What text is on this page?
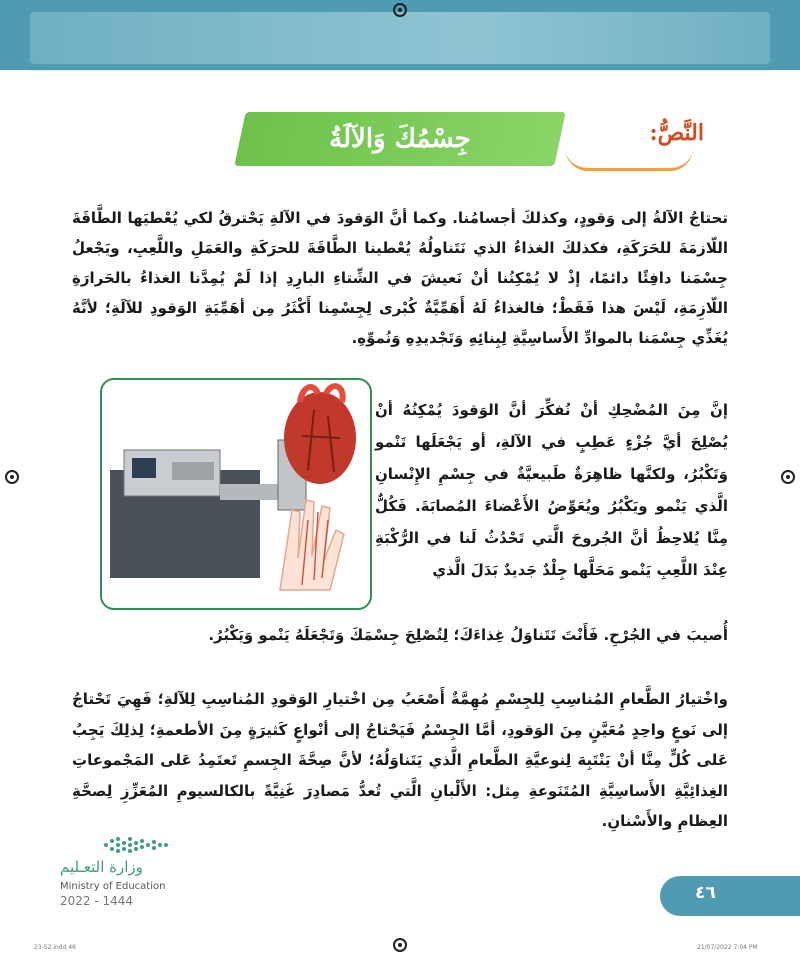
جِسْمُكَ وَالآلَةُ	النَّصُّ:
تحتاجُ الآلةُ إلى وَقودٍ، وكذلكَ أجسامُنا. وكما أنَّ الوَقودَ في الآلةِ يَحْترقُ لكي يُعْطيَها الطَّاقَةَ اللّازمَةَ للحَرَكَةِ، فكذلكَ الغذاءُ الذي نَتَناولُهُ يُعْطينا الطَّاقَةَ للحرَكَةِ والعَمَلِ واللَّعِبِ، ويَجْعلُ جِسْمَنا دافِئًا دائمًا، إذْ لا يُمْكِنُنا أنْ نَعيشَ في الشِّتاءِ البارِدِ إذا لَمْ يُمِدَّنا الغذاءُ بالحَرارَةِ اللّازِمَةِ، لَيْسَ هذا فَقَطْ؛ فالغذاءُ لَهُ أَهَمِّيَّةٌ كُبْرى لِجِسْمِنا أَكْثَرُ مِن أهَمِّيَةِ الوَقودِ للآلَةِ؛ لأنَّهُ يُغَذِّي جِسْمَنا بالموادِّ الأَساسِيَّةِ لِبِنائِهِ وَتَجْديدِهِ وَنُموِّهِ.
إنَّ مِنَ المُضْحِكِ أنْ نُفكِّرَ أنَّ الوَقودَ يُمْكِنُهُ أنْ يُصْلِحَ أيَّ جُزْءٍ عَطِبٍ في الآلةِ، أو يَجْعَلَها تَنْمو وَتَكْبُرُ، ولكنَّها ظاهِرَةٌ طَبيعيَّةٌ في جِسْمِ الإِنْسانِ الَّذي يَنْمو ويَكْبُرُ ويُعَوِّضُ الأَعْضاءَ المُصابَةَ. فَكُلٌّ مِنَّا يُلاحِظُ أنَّ الجُروحَ الَّتي تَحْدُثُ لَنا في الرُّكْبَةِ عِنْدَ اللَّعِبِ يَنْمو مَحَلَّها جِلْدٌ جَديدٌ بَدَلَ الَّذي
أُصيبَ في الجُرْحِ. فَأَنْتَ تَتَناوَلُ غِذاءَكَ؛ لِتُصْلِحَ جِسْمَكَ وَتَجْعَلَهُ يَنْمو وَيَكْبُرُ.
واخْتيارُ الطَّعامِ المُناسِبِ لِلجِسْمِ مُهِمَّةٌ أَصْعَبُ مِن اخْتيارِ الوَقودِ المُناسِبِ لِلآلةِ؛ فَهِيَ تَحْتاجُ إلى نَوعٍ واحِدٍ مُعَيَّنٍ مِنَ الوَقودِ، أمَّا الجِسْمُ فَيَحْتاجُ إلى أنْواعٍ كَثيرَةٍ مِنَ الأطعمةِ؛ لِذلِكَ يَجِبُ عَلى كُلٍّ مِنَّا أنْ يَنْتَبِهَ لِنوعيَّةِ الطَّعامِ الَّذي يَتَناوَلُهُ؛ لأنَّ صِحَّةَ الجِسمِ تَعتَمِدُ عَلى المَجْموعاتِ الغِذائِيَّةِ الأَساسِيَّةِ المُتَنَوعةِ مِثل: الأَلْبانِ الَّتي تُعدُّ مَصادِرَ غَنِيَّةً بالكالسيومِ المُعَزِّزِ لِصحَّةِ العِظامِ والأَسْنانِ.
وزارة التعـليم
Ministry of Education
2022 - 1444	٤٦
23-52.indd 46	21/07/2022 7:04 PM
